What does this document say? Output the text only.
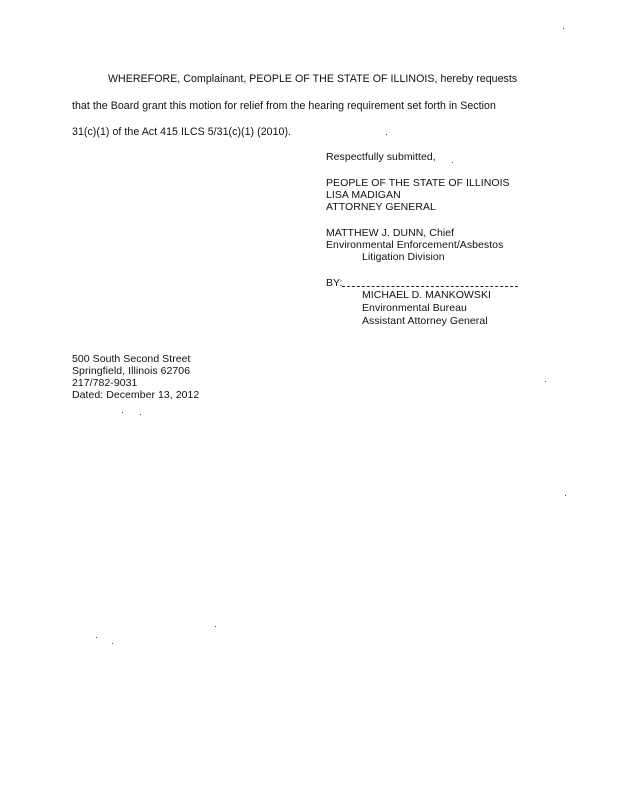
WHEREFORE, Complainant, PEOPLE OF THE STATE OF ILLINOIS, hereby requests
that the Board grant this motion for relief from the hearing requirement set forth in Section
31(c)(1) of the Act 415 ILCS 5/31(c)(1) (2010).
Respectfully submitted,
PEOPLE OF THE STATE OF ILLINOIS
LISA MADIGAN
ATTORNEY GENERAL
MATTHEW J. DUNN, Chief
Environmental Enforcement/Asbestos
Litigation Division
BY:
MICHAEL D. MANKOWSKI
Environmental Bureau
Assistant Attorney General
500 South Second Street
Springfield, Illinois 62706
217/782-9031
Dated: December 13, 2012
